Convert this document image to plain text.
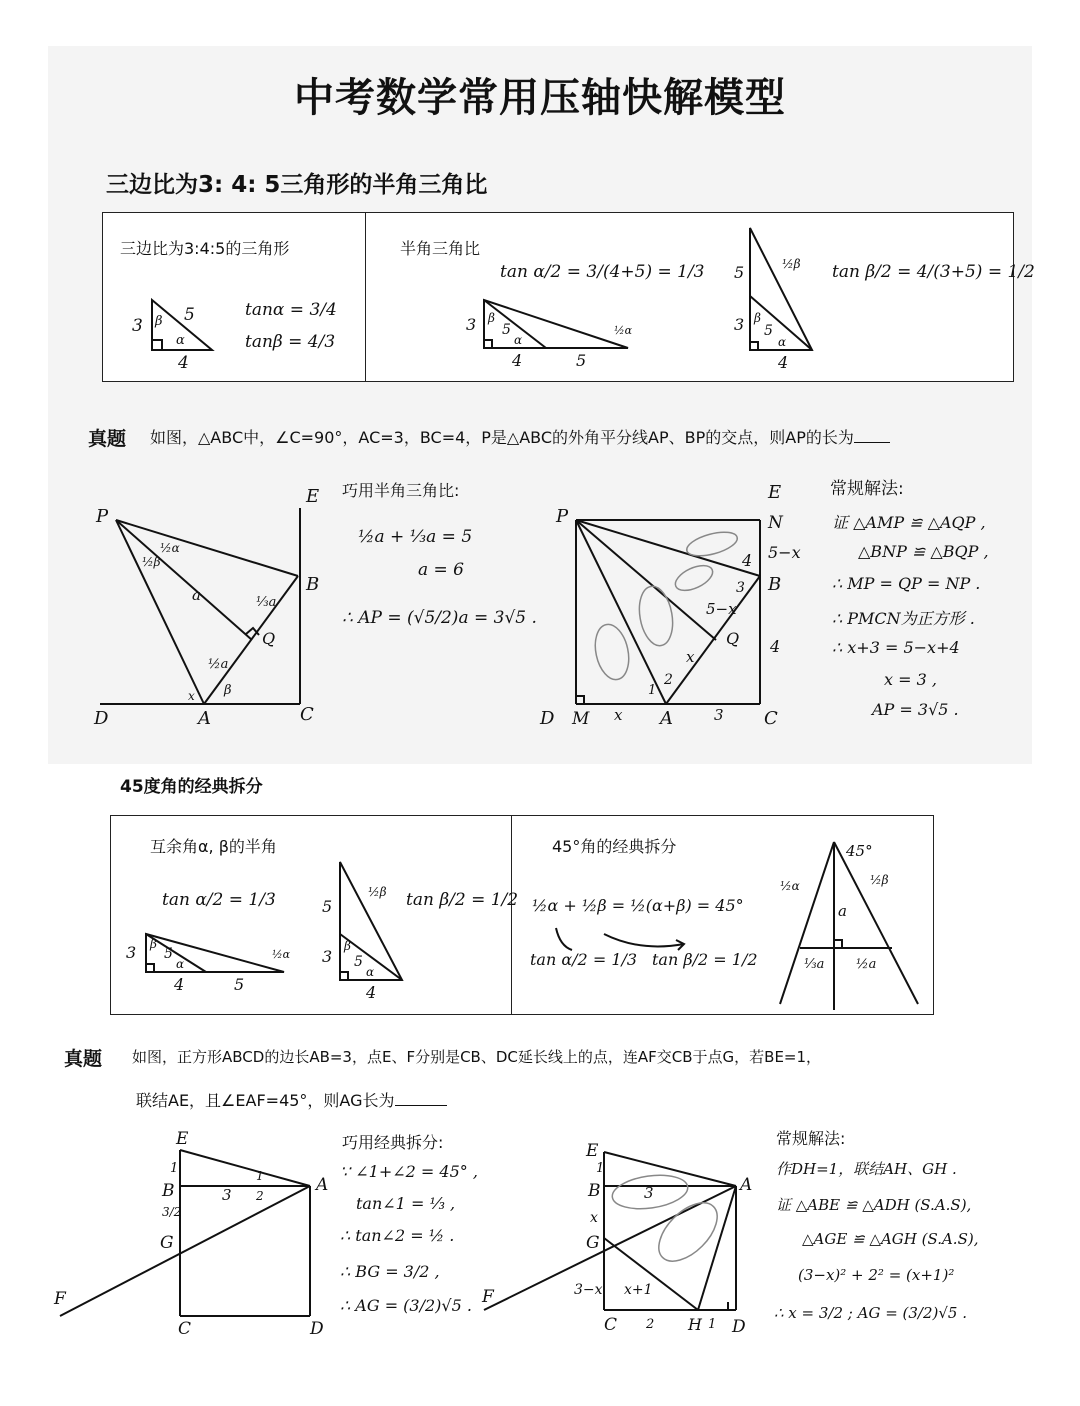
中考数学常用压轴快解模型
三边比为3: 4: 5三角形的半角三角比
三边比为3:4:5的三角形
3
4
5
β
α
tanα = 3/4
tanβ = 4/3
半角三角比
tan α/2 = 3/(4+5) = 1/3	tan β/2 = 4/(3+5) = 1/2
3
4	5
5
β
α
½α
5
3
4
5
β
α
½β
真题 如图，△ABC中，∠C=90°，AC=3，BC=4，P是△ABC的外角平分线AP、BP的交点，则AP的长为
P
E
B
D	A	C
Q
a	⅓a
½a
½α
½β
β
x
巧用半角三角比:
½a + ⅓a = 5
a = 6
∴ AP = (√5/2)a = 3√5 .
P
E
N
5−x
B
4
3
5−x
Q 4
x
D M x A	3 C
1
2
常规解法:
证 △AMP ≌ △AQP ,
△BNP ≌ △BQP ,
∴ MP = QP = NP .
∴ PMCN为正方形 .
∴ x+3 = 5−x+4
x = 3 ,
AP = 3√5 .
45度角的经典拆分
互余角α, β的半角
tan α/2 = 1/3	tan β/2 = 1/2
3
4	5
5
β
α
½α
5
3
4
5
β
α
½β
45°角的经典拆分
½α + ½β = ½(α+β) = 45°
tan α/2 = 1/3 tan β/2 = 1/2
45°
½α	½β
a
⅓a ½a
真题 如图，正方形ABCD的边长AB=3，点E、F分别是CB、DC延长线上的点，连AF交CB于点G，若BE=1，
联结AE，且∠EAF=45°，则AG长为
E
1
B
3/2
G
F
C	D
A
3
1
2
巧用经典拆分:
∵ ∠1+∠2 = 45° ,
tan∠1 = ⅓ ,
∴ tan∠2 = ½ .
∴ BG = 3/2 ,
∴ AG = (3/2)√5 .
E
1
B
x
G
3−x x+1
F
C 2 H 1 D
A
3
常规解法:
作DH=1，联结AH、GH .
证 △ABE ≌ △ADH (S.A.S),
△AGE ≌ △AGH (S.A.S),
(3−x)² + 2² = (x+1)²
∴ x = 3/2 ; AG = (3/2)√5 .
